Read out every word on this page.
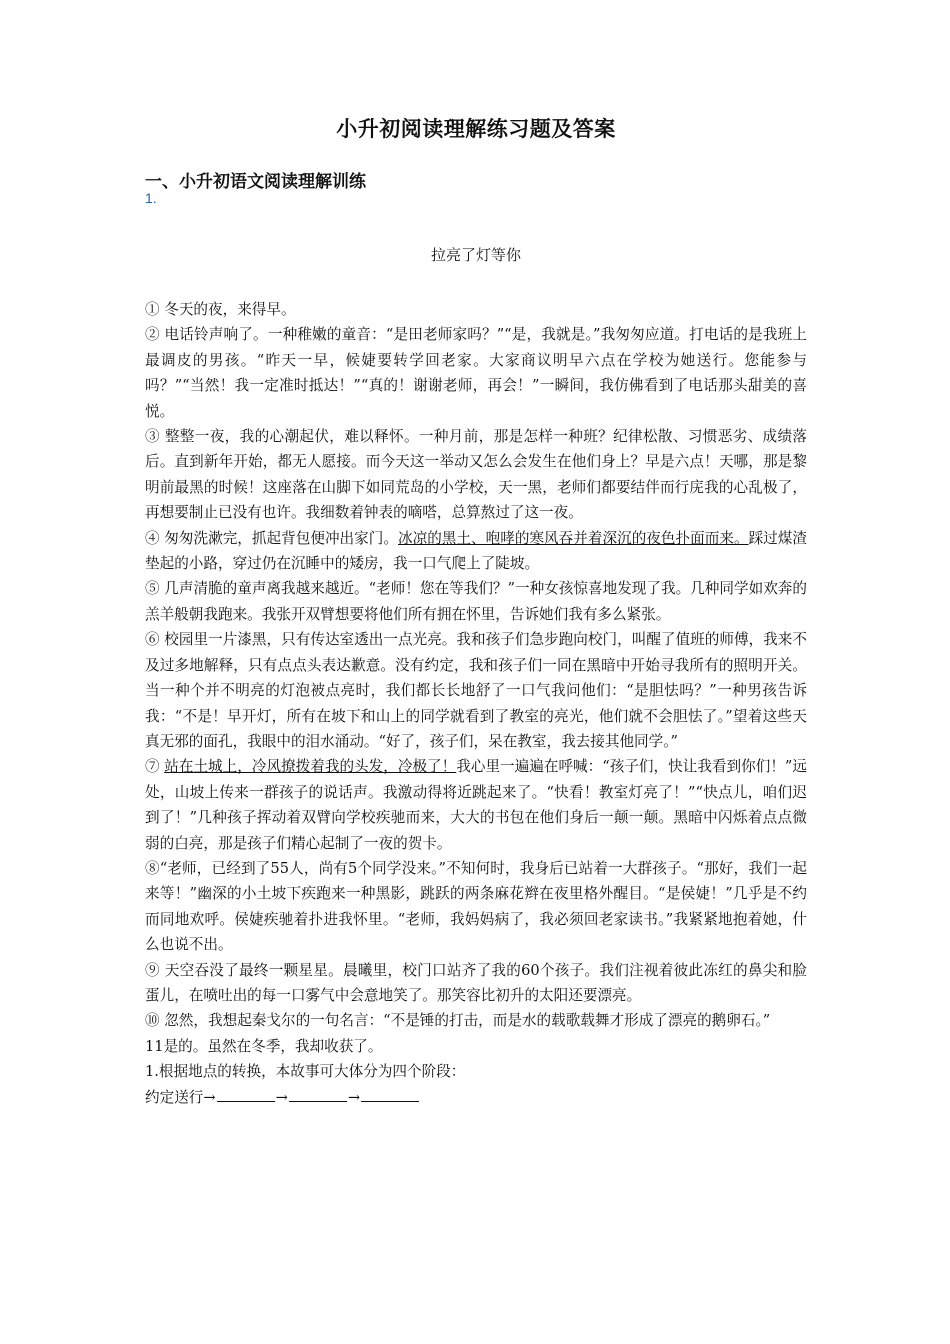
小升初阅读理解练习题及答案
一、小升初语文阅读理解训练
1.
拉亮了灯等你

① 冬天的夜，来得早。

② 电话铃声响了。一种稚嫩的童音：“是田老师家吗？”“是，我就是。”我匆匆应道。打电话的是我班上最调皮的男孩。“昨天一早，候婕要转学回老家。大家商议明早六点在学校为她送行。您能参与吗？”“当然！我一定准时抵达！”“真的！谢谢老师，再会！”一瞬间，我仿佛看到了电话那头甜美的喜悦。

③ 整整一夜，我的心潮起伏，难以释怀。一种月前，那是怎样一种班？纪律松散、习惯恶劣、成绩落后。直到新年开始，都无人愿接。而今天这一举动又怎么会发生在他们身上？早是六点！天哪，那是黎明前最黑的时候！这座落在山脚下如同荒岛的小学校，天一黑，老师们都要结伴而行庑我的心乱极了，再想要制止已没有也许。我细数着钟表的嘀嗒，总算熬过了这一夜。

④ 匆匆洗漱完，抓起背包便冲出家门。冰凉的黑土、咆哮的寒风吞并着深沉的夜色扑面而来。踩过煤渣垫起的小路，穿过仍在沉睡中的矮房，我一口气爬上了陡坡。

⑤ 几声清脆的童声离我越来越近。“老师！您在等我们？”一种女孩惊喜地发现了我。几种同学如欢奔的羔羊般朝我跑来。我张开双臂想要将他们所有拥在怀里，告诉她们我有多么紧张。

⑥ 校园里一片漆黑，只有传达室透出一点光亮。我和孩子们急步跑向校门，叫醒了值班的师傅，我来不及过多地解释，只有点点头表达歉意。没有约定，我和孩子们一同在黑暗中开始寻我所有的照明开关。当一种个并不明亮的灯泡被点亮时，我们都长长地舒了一口气我问他们：“是胆怯吗？”一种男孩告诉我：“不是！早开灯，所有在坡下和山上的同学就看到了教室的亮光，他们就不会胆怯了。”望着这些天真无邪的面孔，我眼中的泪水涌动。“好了，孩子们，呆在教室，我去接其他同学。”

⑦ 站在土城上，冷风撩拨着我的头发，冷极了！我心里一遍遍在呼喊：“孩子们，快让我看到你们！”远处，山坡上传来一群孩子的说话声。我激动得将近跳起来了。“快看！教室灯亮了！”“快点儿，咱们迟到了！”几种孩子挥动着双臂向学校疾驰而来，大大的书包在他们身后一颠一颠。黑暗中闪烁着点点微弱的白亮，那是孩子们精心起制了一夜的贺卡。

⑧“老师，已经到了55人，尚有5个同学没来。”不知何时，我身后已站着一大群孩子。“那好，我们一起来等！”幽深的小土坡下疾跑来一种黑影，跳跃的两条麻花辫在夜里格外醒目。“是侯婕！”几乎是不约而同地欢呼。侯婕疾驰着扑进我怀里。“老师，我妈妈病了，我必须回老家读书。”我紧紧地抱着她，什么也说不出。

⑨ 天空吞没了最终一颗星星。晨曦里，校门口站齐了我的60个孩子。我们注视着彼此冻红的鼻尖和脸蛋儿，在喷吐出的每一口雾气中会意地笑了。那笑容比初升的太阳还要漂亮。

⑩ 忽然，我想起秦戈尔的一句名言：“不是锤的打击，而是水的载歌载舞才形成了漂亮的鹅卵石。”

11是的。虽然在冬季，我却收获了。

1.根据地点的转换，本故事可大体分为四个阶段：

约定送行→	→	→
